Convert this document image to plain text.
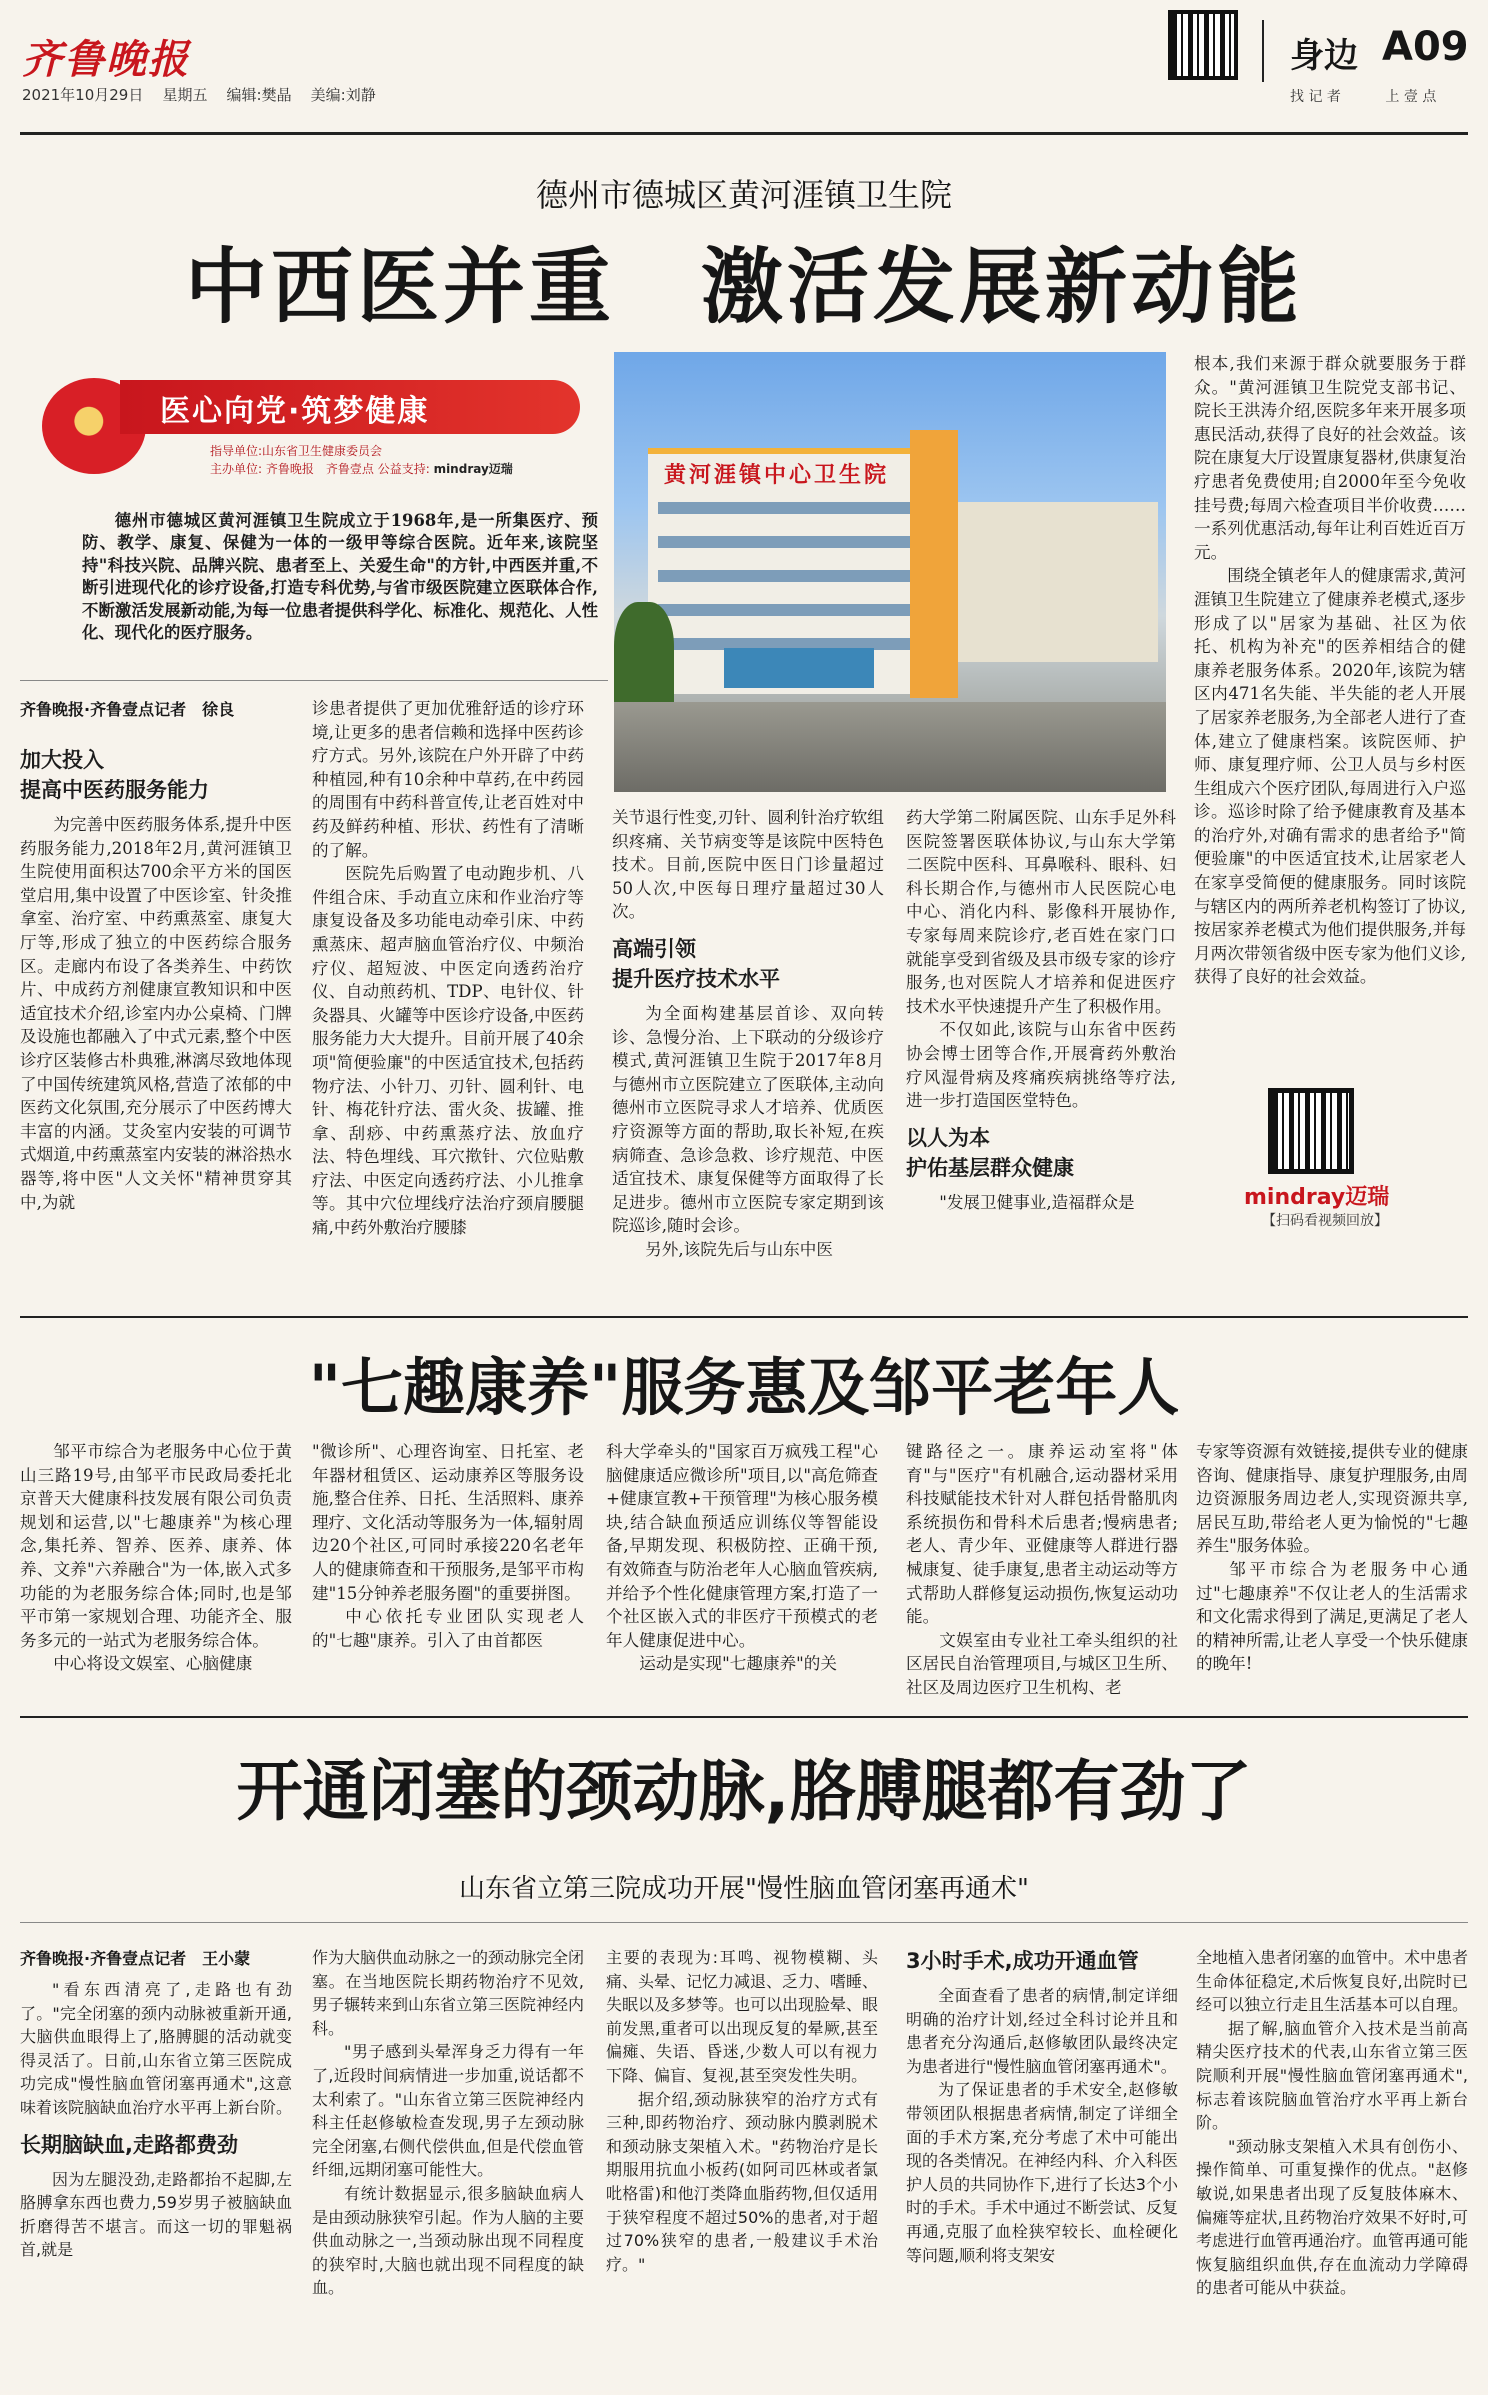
齐鲁晚报
2021年10月29日 星期五 编辑:樊晶 美编:刘静
身边 A09
找 记 者	上 壹 点
德州市德城区黄河涯镇卫生院
中西医并重　激活发展新动能
医心向党·筑梦健康
指导单位:山东省卫生健康委员会
主办单位: 齐鲁晚报　齐鲁壹点 公益支持: mindray迈瑞	黄河涯镇中心卫生院

德州市德城区黄河涯镇卫生院成立于1968年,是一所集医疗、预防、教学、康复、保健为一体的一级甲等综合医院。近年来,该院坚持"科技兴院、品牌兴院、患者至上、关爱生命"的方针,中西医并重,不断引进现代化的诊疗设备,打造专科优势,与省市级医院建立医联体合作,不断激活发展新动能,为每一位患者提供科学化、标准化、规范化、人性化、现代化的医疗服务。

齐鲁晚报·齐鲁壹点记者　徐良
加大投入
提高中医药服务能力

为完善中医药服务体系,提升中医药服务能力,2018年2月,黄河涯镇卫生院使用面积达700余平方米的国医堂启用,集中设置了中医诊室、针灸推拿室、治疗室、中药熏蒸室、康复大厅等,形成了独立的中医药综合服务区。走廊内布设了各类养生、中药饮片、中成药方剂健康宣教知识和中医适宜技术介绍,诊室内办公桌椅、门牌及设施也都融入了中式元素,整个中医诊疗区装修古朴典雅,淋漓尽致地体现了中国传统建筑风格,营造了浓郁的中医药文化氛围,充分展示了中医药博大丰富的内涵。艾灸室内安装的可调节式烟道,中药熏蒸室内安装的淋浴热水器等,将中医"人文关怀"精神贯穿其中,为就

诊患者提供了更加优雅舒适的诊疗环境,让更多的患者信赖和选择中医药诊疗方式。另外,该院在户外开辟了中药种植园,种有10余种中草药,在中药园的周围有中药科普宣传,让老百姓对中药及鲜药种植、形状、药性有了清晰的了解。

医院先后购置了电动跑步机、八件组合床、手动直立床和作业治疗等康复设备及多功能电动牵引床、中药熏蒸床、超声脑血管治疗仪、中频治疗仪、超短波、中医定向透药治疗仪、自动煎药机、TDP、电针仪、针灸器具、火罐等中医诊疗设备,中医药服务能力大大提升。目前开展了40余项"简便验廉"的中医适宜技术,包括药物疗法、小针刀、刃针、圆利针、电针、梅花针疗法、雷火灸、拔罐、推拿、刮痧、中药熏蒸疗法、放血疗法、特色埋线、耳穴揿针、穴位贴敷疗法、中医定向透药疗法、小儿推拿等。其中穴位埋线疗法治疗颈肩腰腿痛,中药外敷治疗腰膝

关节退行性变,刃针、圆利针治疗软组织疼痛、关节病变等是该院中医特色技术。目前,医院中医日门诊量超过50人次,中医每日理疗量超过30人次。

高端引领
提升医疗技术水平

为全面构建基层首诊、双向转诊、急慢分治、上下联动的分级诊疗模式,黄河涯镇卫生院于2017年8月与德州市立医院建立了医联体,主动向德州市立医院寻求人才培养、优质医疗资源等方面的帮助,取长补短,在疾病筛查、急诊急救、诊疗规范、中医适宜技术、康复保健等方面取得了长足进步。德州市立医院专家定期到该院巡诊,随时会诊。

另外,该院先后与山东中医

药大学第二附属医院、山东手足外科医院签署医联体协议,与山东大学第二医院中医科、耳鼻喉科、眼科、妇科长期合作,与德州市人民医院心电中心、消化内科、影像科开展协作,专家每周来院诊疗,老百姓在家门口就能享受到省级及县市级专家的诊疗服务,也对医院人才培养和促进医疗技术水平快速提升产生了积极作用。

不仅如此,该院与山东省中医药协会博士团等合作,开展膏药外敷治疗风湿骨病及疼痛疾病挑络等疗法,进一步打造国医堂特色。

以人为本
护佑基层群众健康

"发展卫健事业,造福群众是

根本,我们来源于群众就要服务于群众。"黄河涯镇卫生院党支部书记、院长王洪涛介绍,医院多年来开展多项惠民活动,获得了良好的社会效益。该院在康复大厅设置康复器材,供康复治疗患者免费使用;自2000年至今免收挂号费;每周六检查项目半价收费……一系列优惠活动,每年让利百姓近百万元。

围绕全镇老年人的健康需求,黄河涯镇卫生院建立了健康养老模式,逐步形成了以"居家为基础、社区为依托、机构为补充"的医养相结合的健康养老服务体系。2020年,该院为辖区内471名失能、半失能的老人开展了居家养老服务,为全部老人进行了查体,建立了健康档案。该院医师、护师、康复理疗师、公卫人员与乡村医生组成六个医疗团队,每周进行入户巡诊。巡诊时除了给予健康教育及基本的治疗外,对确有需求的患者给予"简便验廉"的中医适宜技术,让居家老人在家享受简便的健康服务。同时该院与辖区内的两所养老机构签订了协议,按居家养老模式为他们提供服务,并每月两次带领省级中医专家为他们义诊,获得了良好的社会效益。

mindray迈瑞
【扫码看视频回放】
"七趣康养"服务惠及邹平老年人

邹平市综合为老服务中心位于黄山三路19号,由邹平市民政局委托北京普天大健康科技发展有限公司负责规划和运营,以"七趣康养"为核心理念,集托养、智养、医养、康养、体养、文养"六养融合"为一体,嵌入式多功能的为老服务综合体;同时,也是邹平市第一家规划合理、功能齐全、服务多元的一站式为老服务综合体。

中心将设文娱室、心脑健康

"微诊所"、心理咨询室、日托室、老年器材租赁区、运动康养区等服务设施,整合住养、日托、生活照料、康养理疗、文化活动等服务为一体,辐射周边20个社区,可同时承接220名老年人的健康筛查和干预服务,是邹平市构建"15分钟养老服务圈"的重要拼图。

中心依托专业团队实现老人的"七趣"康养。引入了由首都医

科大学牵头的"国家百万疯残工程"心脑健康适应微诊所"项目,以"高危筛查+健康宣教+干预管理"为核心服务模块,结合缺血预适应训练仪等智能设备,早期发现、积极防控、正确干预,有效筛查与防治老年人心脑血管疾病,并给予个性化健康管理方案,打造了一个社区嵌入式的非医疗干预模式的老年人健康促进中心。

运动是实现"七趣康养"的关

键路径之一。康养运动室将"体育"与"医疗"有机融合,运动器材采用科技赋能技术针对人群包括骨骼肌肉系统损伤和骨科术后患者;慢病患者;老人、青少年、亚健康等人群进行器械康复、徒手康复,患者主动运动等方式帮助人群修复运动损伤,恢复运动功能。

文娱室由专业社工牵头组织的社区居民自治管理项目,与城区卫生所、社区及周边医疗卫生机构、老

专家等资源有效链接,提供专业的健康咨询、健康指导、康复护理服务,由周边资源服务周边老人,实现资源共享,居民互助,带给老人更为愉悦的"七趣养生"服务体验。

邹平市综合为老服务中心通过"七趣康养"不仅让老人的生活需求和文化需求得到了满足,更满足了老人的精神所需,让老人享受一个快乐健康的晚年!

开通闭塞的颈动脉,胳膊腿都有劲了
山东省立第三院成功开展"慢性脑血管闭塞再通术"
齐鲁晚报·齐鲁壹点记者　王小蒙

"看东西清亮了,走路也有劲了。"完全闭塞的颈内动脉被重新开通,大脑供血眼得上了,胳膊腿的活动就变得灵活了。日前,山东省立第三医院成功完成"慢性脑血管闭塞再通术",这意味着该院脑缺血治疗水平再上新台阶。

长期脑缺血,走路都费劲

因为左腿没劲,走路都抬不起脚,左胳膊拿东西也费力,59岁男子被脑缺血折磨得苦不堪言。而这一切的罪魁祸首,就是

作为大脑供血动脉之一的颈动脉完全闭塞。在当地医院长期药物治疗不见效,男子辗转来到山东省立第三医院神经内科。

"男子感到头晕浑身乏力得有一年了,近段时间病情进一步加重,说话都不太利索了。"山东省立第三医院神经内科主任赵修敏检查发现,男子左颈动脉完全闭塞,右侧代偿供血,但是代偿血管纤细,远期闭塞可能性大。

有统计数据显示,很多脑缺血病人是由颈动脉狭窄引起。作为人脑的主要供血动脉之一,当颈动脉出现不同程度的狭窄时,大脑也就出现不同程度的缺血。

主要的表现为:耳鸣、视物模糊、头痛、头晕、记忆力减退、乏力、嗜睡、失眠以及多梦等。也可以出现脸晕、眼前发黑,重者可以出现反复的晕厥,甚至偏瘫、失语、昏迷,少数人可以有视力下降、偏盲、复视,甚至突发性失明。

据介绍,颈动脉狭窄的治疗方式有三种,即药物治疗、颈动脉内膜剥脱术和颈动脉支架植入术。"药物治疗是长期服用抗血小板药(如阿司匹林或者氯吡格雷)和他汀类降血脂药物,但仅适用于狭窄程度不超过50%的患者,对于超过70%狭窄的患者,一般建议手术治疗。"

3小时手术,成功开通血管

全面查看了患者的病情,制定详细明确的治疗计划,经过全科讨论并且和患者充分沟通后,赵修敏团队最终决定为患者进行"慢性脑血管闭塞再通术"。

为了保证患者的手术安全,赵修敏带领团队根据患者病情,制定了详细全面的手术方案,充分考虑了术中可能出现的各类情况。在神经内科、介入科医护人员的共同协作下,进行了长达3个小时的手术。手术中通过不断尝试、反复再通,克服了血栓狭窄较长、血栓硬化等问题,顺利将支架安

全地植入患者闭塞的血管中。术中患者生命体征稳定,术后恢复良好,出院时已经可以独立行走且生活基本可以自理。

据了解,脑血管介入技术是当前高精尖医疗技术的代表,山东省立第三医院顺利开展"慢性脑血管闭塞再通术",标志着该院脑血管治疗水平再上新台阶。

"颈动脉支架植入术具有创伤小、操作简单、可重复操作的优点。"赵修敏说,如果患者出现了反复肢体麻木、偏瘫等症状,且药物治疗效果不好时,可考虑进行血管再通治疗。血管再通可能恢复脑组织血供,存在血流动力学障碍的患者可能从中获益。
